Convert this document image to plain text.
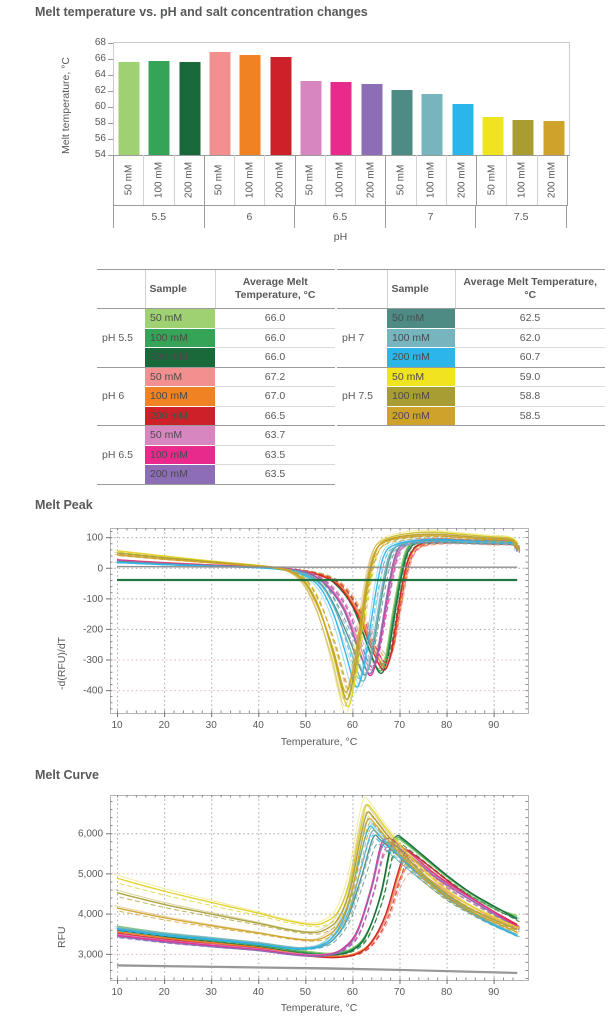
Melt temperature vs. pH and salt concentration changes
Melt temperature, °C
68
66
64
62
60
58
56
54
50 mM 100 mM 200 mM 50 mM 100 mM 200 mM 50 mM 100 mM 200 mM 50 mM 100 mM 200 mM 50 mM 100 mM 200 mM
5.5	6	6.5	7	7.5
pH
	Sample	Average Melt Temperature, °C
pH 5.5	50 mM	66.0
	100 mM	66.0
	200 mM	66.0
pH 6	50 mM	67.2
	100 mM	67.0
	200 mM	66.5
pH 6.5	50 mM	63.7
	100 mM	63.5
	200 mM	63.5
	Sample	Average Melt Temperature, °C
pH 7	50 mM	62.5
	100 mM	62.0
	200 mM	60.7
pH 7.5	50 mM	59.0
	100 mM	58.8
	200 mM	58.5
Melt Peak
Temperature, °C
Melt Curve
Temperature, °C
